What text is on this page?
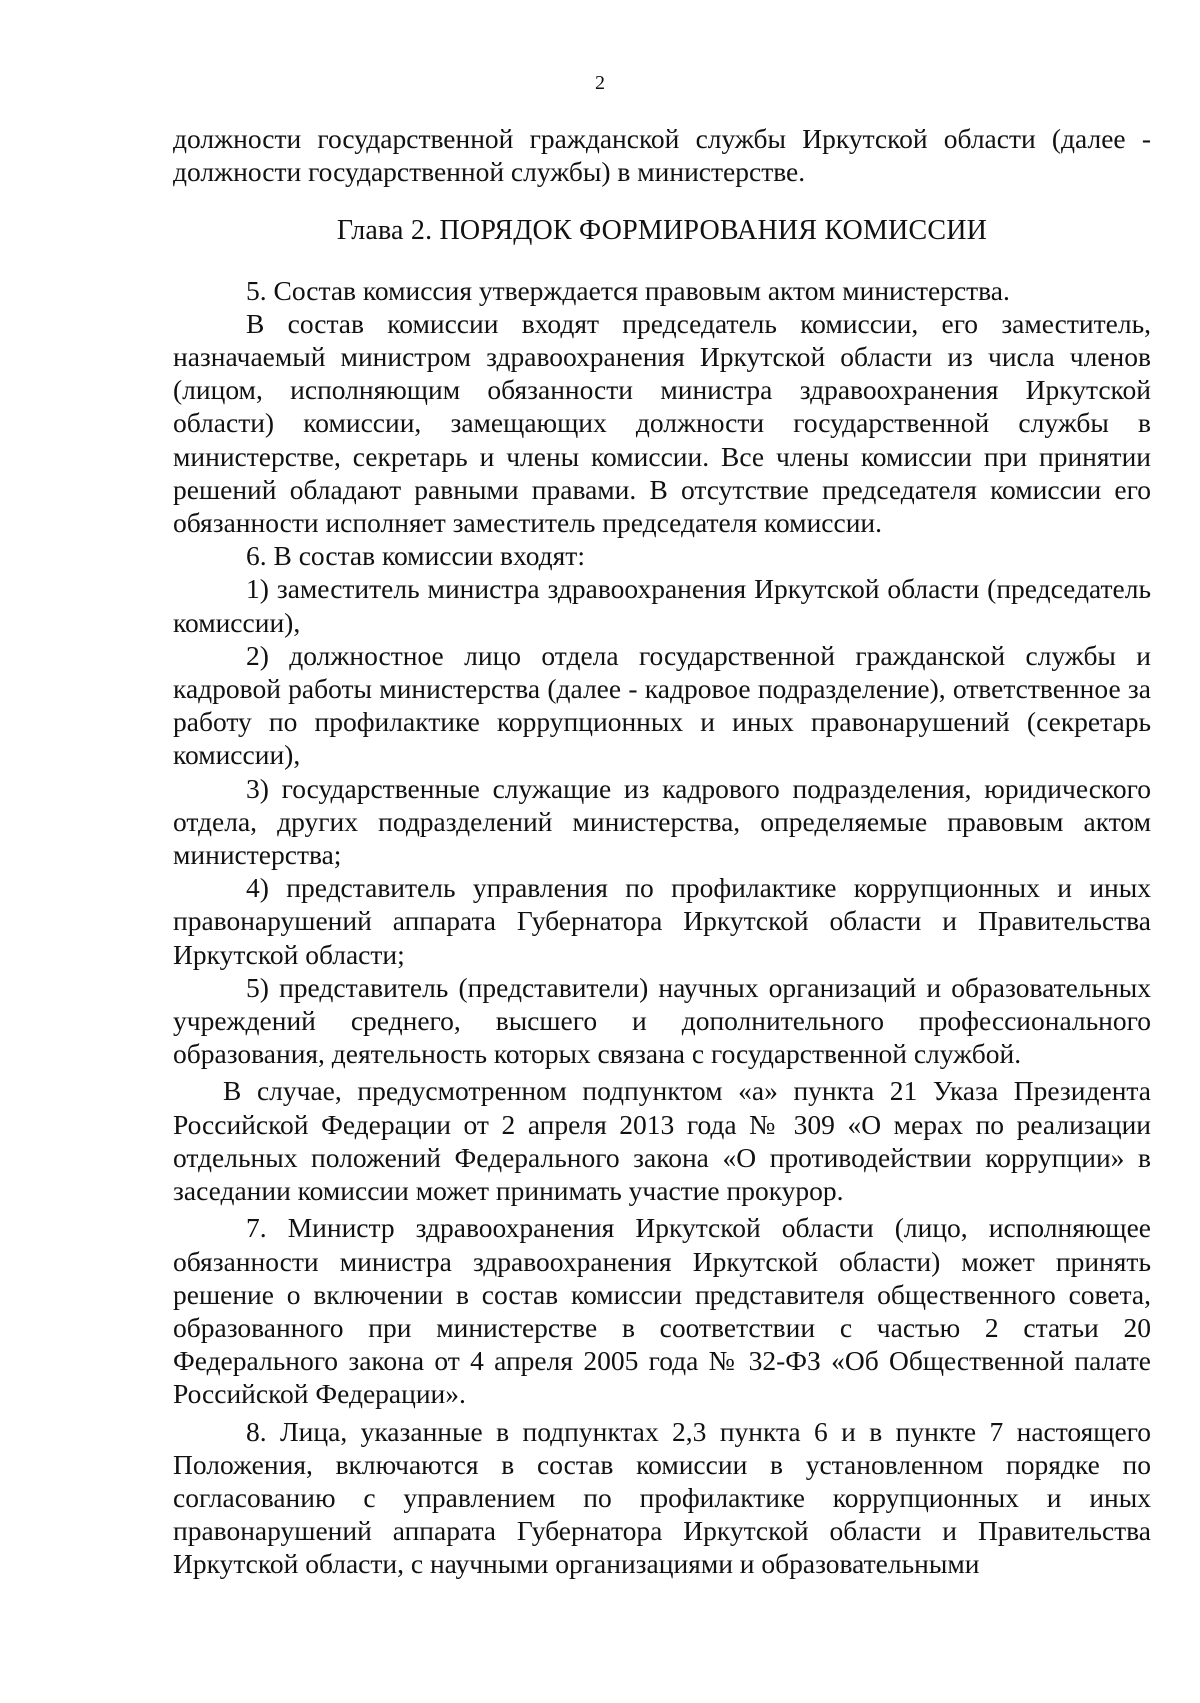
2

должности государственной гражданской службы Иркутской области (далее - должности государственной службы) в министерстве.

Глава 2. ПОРЯДОК ФОРМИРОВАНИЯ КОМИССИИ

5. Состав комиссия утверждается правовым актом министерства.

В состав комиссии входят председатель комиссии, его заместитель, назначаемый министром здравоохранения Иркутской области из числа членов (лицом, исполняющим обязанности министра здравоохранения Иркутской области) комиссии, замещающих должности государственной службы в министерстве, секретарь и члены комиссии. Все члены комиссии при принятии решений обладают равными правами. В отсутствие председателя комиссии его обязанности исполняет заместитель председателя комиссии.

6. В состав комиссии входят:

1) заместитель министра здравоохранения Иркутской области (председатель комиссии),

2) должностное лицо отдела государственной гражданской службы и кадровой работы министерства (далее - кадровое подразделение), ответственное за работу по профилактике коррупционных и иных правонарушений (секретарь комиссии),

3) государственные служащие из кадрового подразделения, юридического отдела, других подразделений министерства, определяемые правовым актом министерства;

4) представитель управления по профилактике коррупционных и иных правонарушений аппарата Губернатора Иркутской области и Правительства Иркутской области;

5) представитель (представители) научных организаций и образовательных учреждений среднего, высшего и дополнительного профессионального образования, деятельность которых связана с государственной службой.

В случае, предусмотренном подпунктом «а» пункта 21 Указа Президента Российской Федерации от 2 апреля 2013 года № 309 «О мерах по реализации отдельных положений Федерального закона «О противодействии коррупции» в заседании комиссии может принимать участие прокурор.

7. Министр здравоохранения Иркутской области (лицо, исполняющее обязанности министра здравоохранения Иркутской области) может принять решение о включении в состав комиссии представителя общественного совета, образованного при министерстве в соответствии с частью 2 статьи 20 Федерального закона от 4 апреля 2005 года № 32-ФЗ «Об Общественной палате Российской Федерации».

8. Лица, указанные в подпунктах 2,3 пункта 6 и в пункте 7 настоящего Положения, включаются в состав комиссии в установленном порядке по согласованию с управлением по профилактике коррупционных и иных правонарушений аппарата Губернатора Иркутской области и Правительства Иркутской области, с научными организациями и образовательными
